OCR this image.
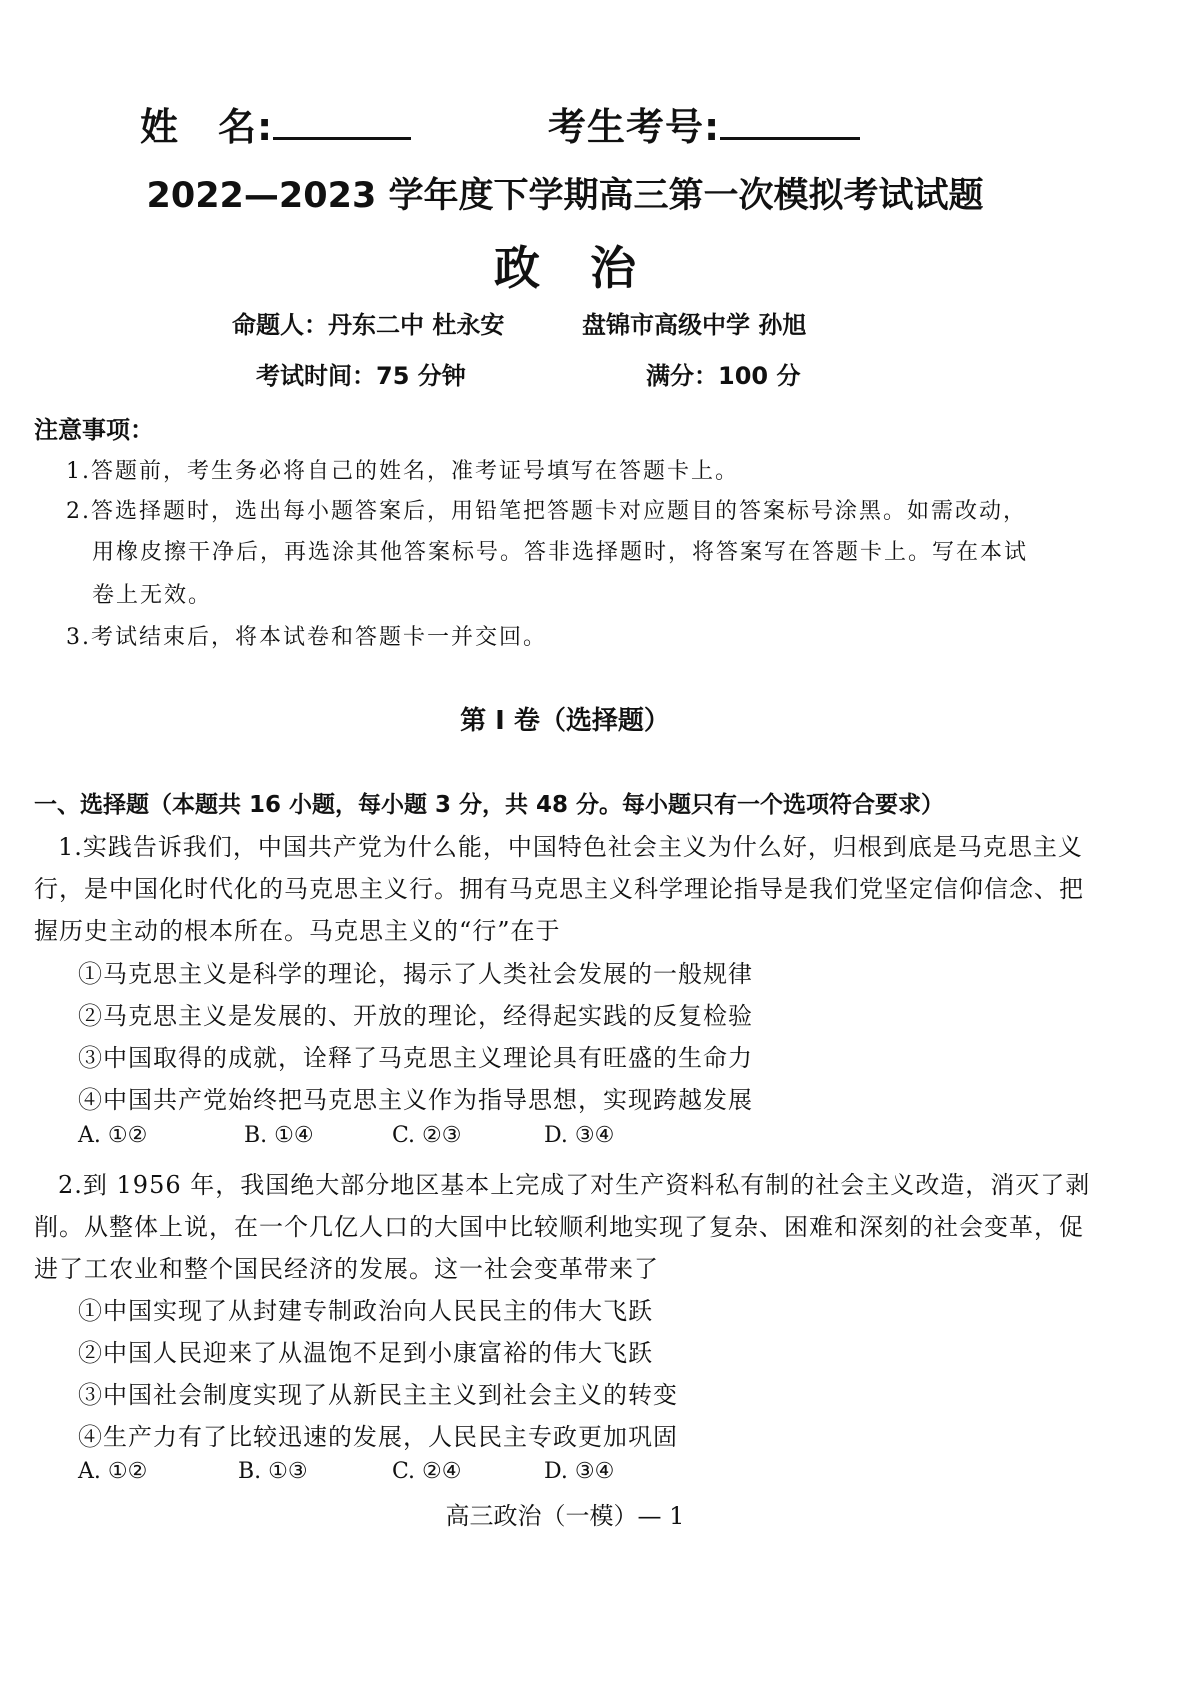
姓　名:	考生考号:
2022—2023 学年度下学期高三第一次模拟考试试题
政治
命题人：丹东二中 杜永安	盘锦市高级中学 孙旭
考试时间：75 分钟	满分：100 分
注意事项：
1.答题前，考生务必将自己的姓名，准考证号填写在答题卡上。
2.答选择题时，选出每小题答案后，用铅笔把答题卡对应题目的答案标号涂黑。如需改动，
用橡皮擦干净后，再选涂其他答案标号。答非选择题时，将答案写在答题卡上。写在本试
卷上无效。
3.考试结束后，将本试卷和答题卡一并交回。
第 I 卷（选择题）
一、选择题（本题共 16 小题，每小题 3 分，共 48 分。每小题只有一个选项符合要求）
1.实践告诉我们，中国共产党为什么能，中国特色社会主义为什么好，归根到底是马克思主义
行，是中国化时代化的马克思主义行。拥有马克思主义科学理论指导是我们党坚定信仰信念、把
握历史主动的根本所在。马克思主义的“行”在于
①马克思主义是科学的理论，揭示了人类社会发展的一般规律
②马克思主义是发展的、开放的理论，经得起实践的反复检验
③中国取得的成就，诠释了马克思主义理论具有旺盛的生命力
④中国共产党始终把马克思主义作为指导思想，实现跨越发展
A. ①②	B. ①④	C. ②③	D. ③④
2.到 1956 年，我国绝大部分地区基本上完成了对生产资料私有制的社会主义改造，消灭了剥
削。从整体上说，在一个几亿人口的大国中比较顺利地实现了复杂、困难和深刻的社会变革，促
进了工农业和整个国民经济的发展。这一社会变革带来了
①中国实现了从封建专制政治向人民民主的伟大飞跃
②中国人民迎来了从温饱不足到小康富裕的伟大飞跃
③中国社会制度实现了从新民主主义到社会主义的转变
④生产力有了比较迅速的发展，人民民主专政更加巩固
A. ①②	B. ①③	C. ②④	D. ③④
高三政治（一模）— 1
